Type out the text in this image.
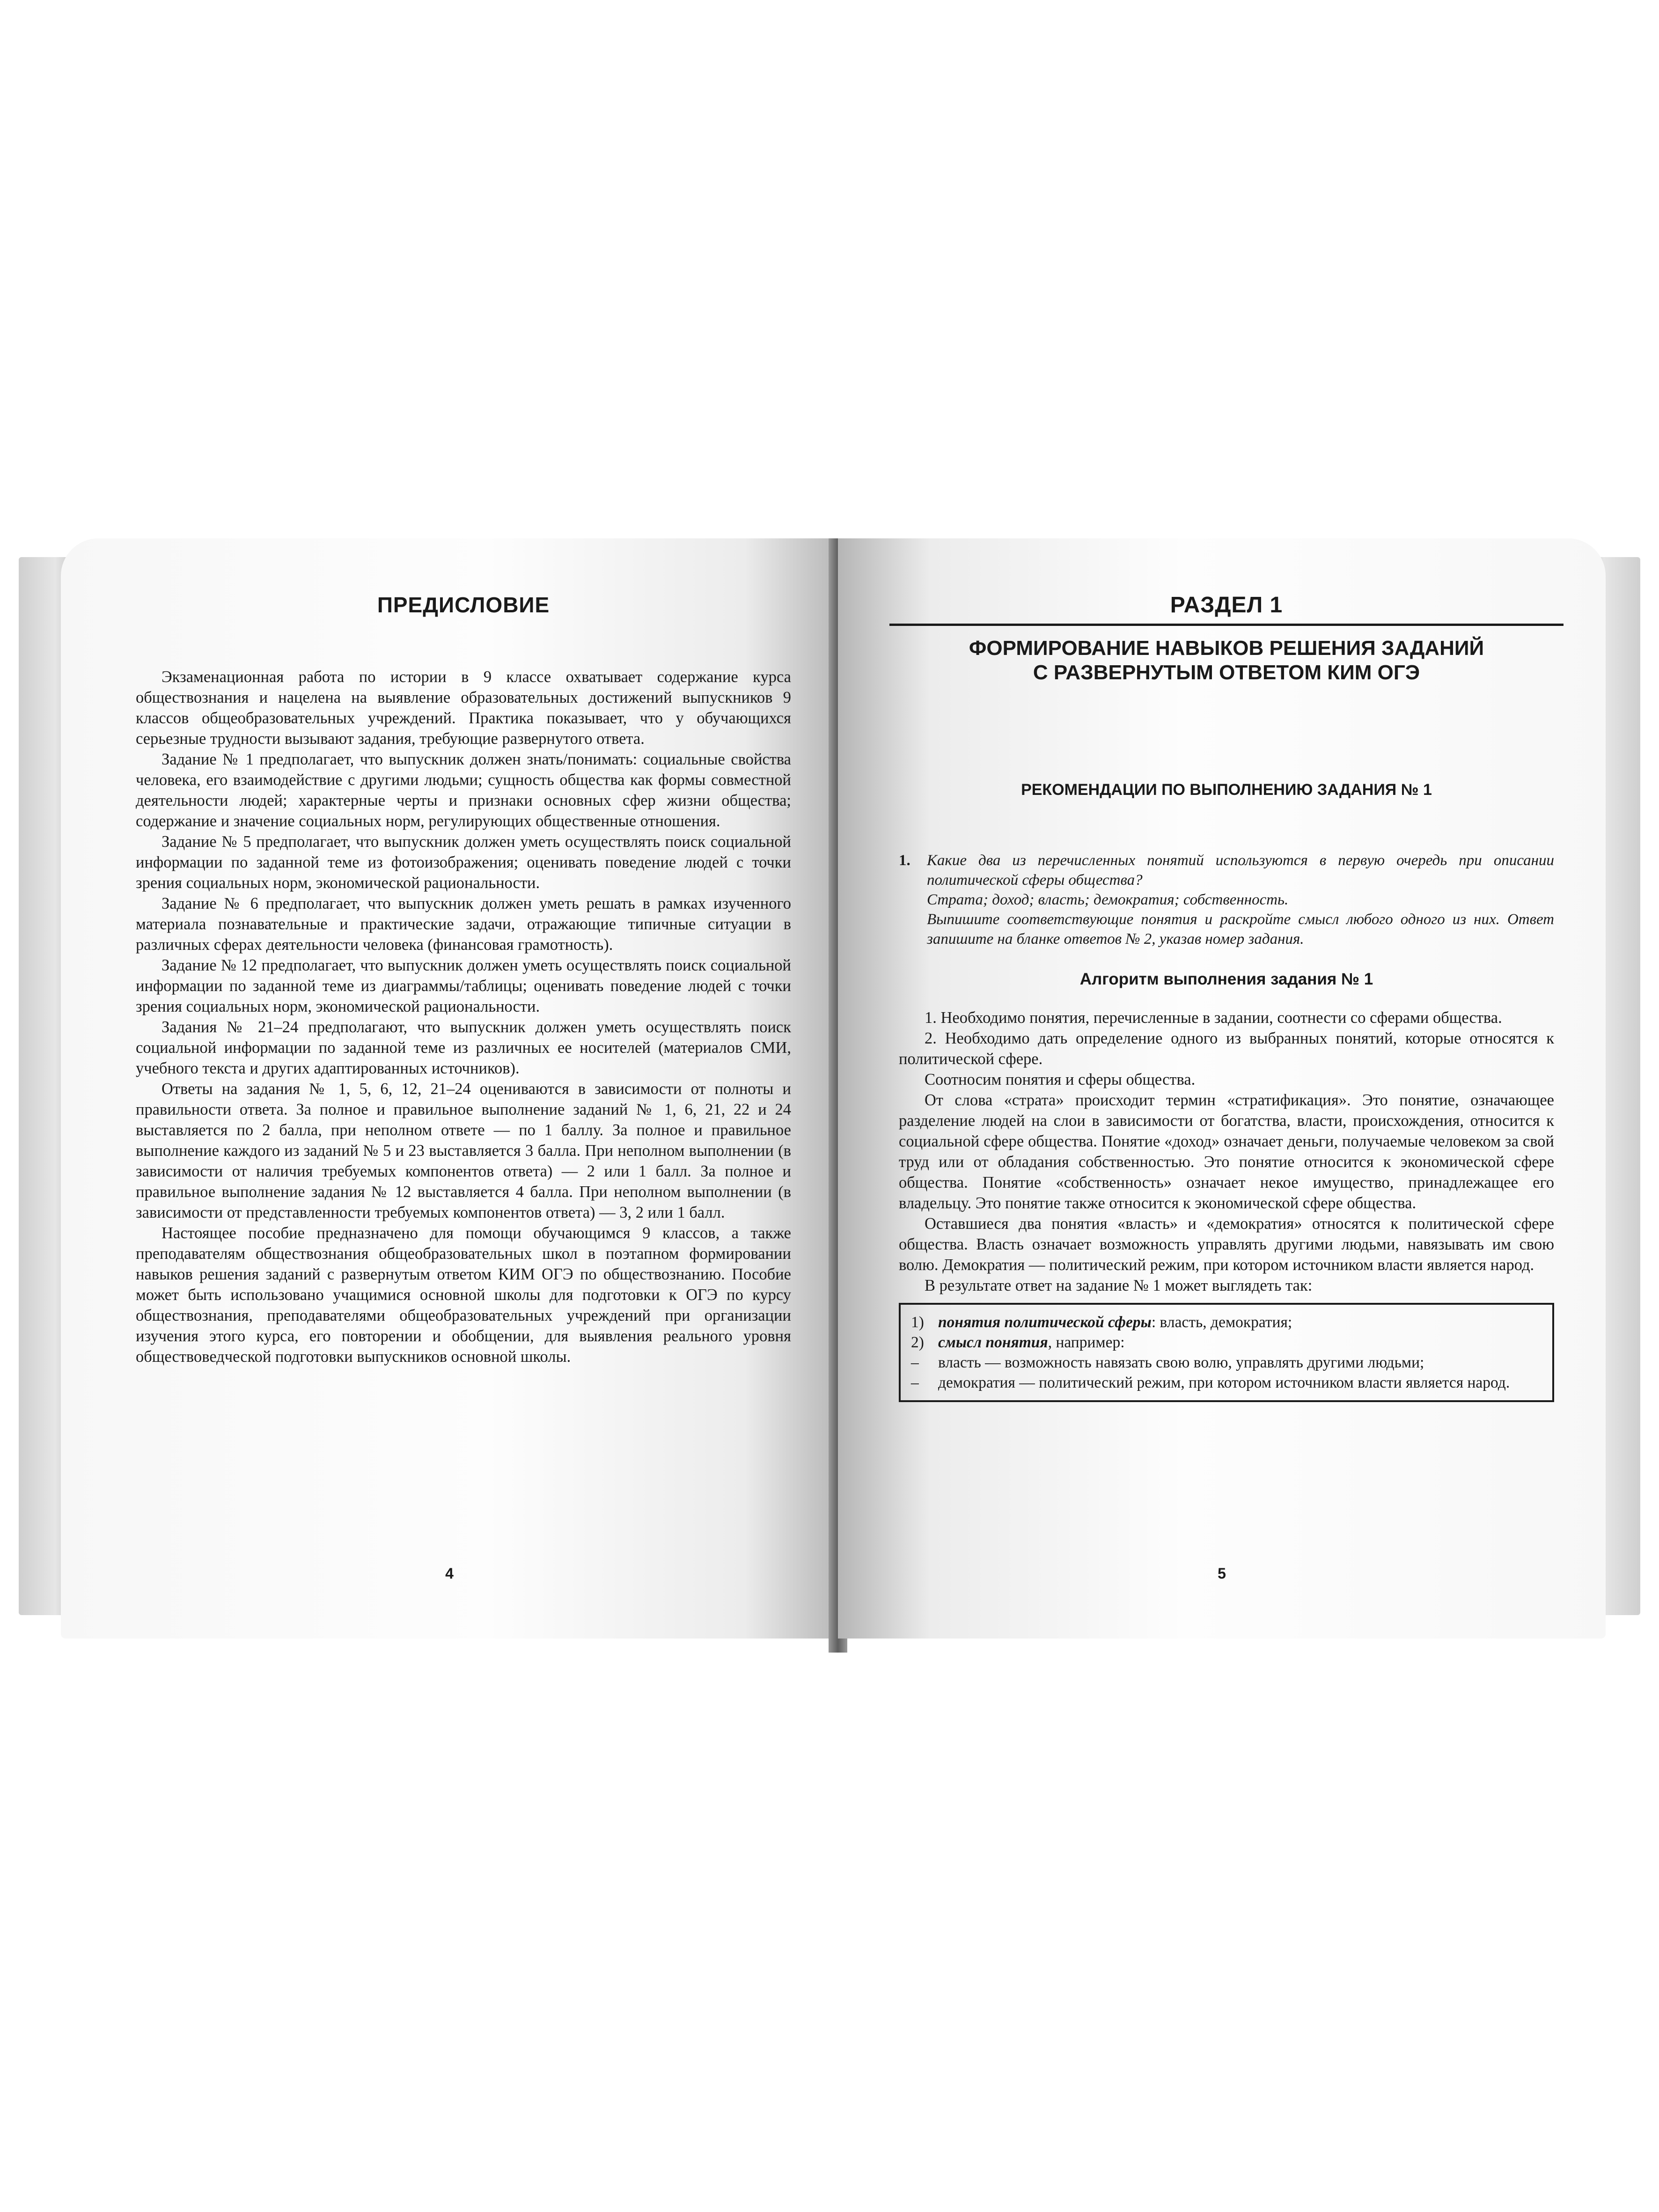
ПРЕДИСЛОВИЕ

Экзаменационная работа по истории в 9 классе охватывает содержание курса обществознания и нацелена на выявление образовательных достижений выпускников 9 классов общеобразовательных учреждений. Практика показывает, что у обучающихся серьезные трудности вызывают задания, требующие развернутого ответа.

Задание № 1 предполагает, что выпускник должен знать/понимать: социальные свойства человека, его взаимодействие с другими людьми; сущность общества как формы совместной деятельности людей; характерные черты и признаки основных сфер жизни общества; содержание и значение социальных норм, регулирующих общественные отношения.

Задание № 5 предполагает, что выпускник должен уметь осуществлять поиск социальной информации по заданной теме из фотоизображения; оценивать поведение людей с точки зрения социальных норм, экономической рациональности.

Задание № 6 предполагает, что выпускник должен уметь решать в рамках изученного материала познавательные и практические задачи, отражающие типичные ситуации в различных сферах деятельности человека (финансовая грамотность).

Задание № 12 предполагает, что выпускник должен уметь осуществлять поиск социальной информации по заданной теме из диаграммы/таблицы; оценивать поведение людей с точки зрения социальных норм, экономической рациональности.

Задания № 21–24 предполагают, что выпускник должен уметь осуществлять поиск социальной информации по заданной теме из различных ее носителей (материалов СМИ, учебного текста и других адаптированных источников).

Ответы на задания № 1, 5, 6, 12, 21–24 оцениваются в зависимости от полноты и правильности ответа. За полное и правильное выполнение заданий № 1, 6, 21, 22 и 24 выставляется по 2 балла, при неполном ответе — по 1 баллу. За полное и правильное выполнение каждого из заданий № 5 и 23 выставляется 3 балла. При неполном выполнении (в зависимости от наличия требуемых компонентов ответа) — 2 или 1 балл. За полное и правильное выполнение задания № 12 выставляется 4 балла. При неполном выполнении (в зависимости от представленности требуемых компонентов ответа) — 3, 2 или 1 балл.

Настоящее пособие предназначено для помощи обучающимся 9 классов, а также преподавателям обществознания общеобразовательных школ в поэтапном формировании навыков решения заданий с развернутым ответом КИМ ОГЭ по обществознанию. Пособие может быть использовано учащимися основной школы для подготовки к ОГЭ по курсу обществознания, преподавателями общеобразовательных учреждений при организации изучения этого курса, его повторении и обобщении, для выявления реального уровня обществоведческой подготовки выпускников основной школы.

4
РАЗДЕЛ 1
ФОРМИРОВАНИЕ НАВЫКОВ РЕШЕНИЯ ЗАДАНИЙ
С РАЗВЕРНУТЫМ ОТВЕТОМ КИМ ОГЭ
РЕКОМЕНДАЦИИ ПО ВЫПОЛНЕНИЮ ЗАДАНИЯ № 1
1. Какие два из перечисленных понятий используются в первую очередь при описании политической сферы общества?

Страта; доход; власть; демократия; собственность.

Выпишите соответствующие понятия и раскройте смысл любого одного из них. Ответ запишите на бланке ответов № 2, указав номер задания.

Алгоритм выполнения задания № 1

1. Необходимо понятия, перечисленные в задании, соотнести со сферами общества.

2. Необходимо дать определение одного из выбранных понятий, которые относятся к политической сфере.

Соотносим понятия и сферы общества.

От слова «страта» происходит термин «стратификация». Это понятие, означающее разделение людей на слои в зависимости от богатства, власти, происхождения, относится к социальной сфере общества. Понятие «доход» означает деньги, получаемые человеком за свой труд или от обладания собственностью. Это понятие относится к экономической сфере общества. Понятие «собственность» означает некое имущество, принадлежащее его владельцу. Это понятие также относится к экономической сфере общества.

Оставшиеся два понятия «власть» и «демократия» относятся к политической сфере общества. Власть означает возможность управлять другими людьми, навязывать им свою волю. Демократия — политический режим, при котором источником власти является народ.

В результате ответ на задание № 1 может выглядеть так:

1) понятия политической сферы: власть, демократия;
2) смысл понятия, например:
–	власть — возможность навязать свою волю, управлять другими людьми;
–	демократия — политический режим, при котором источником власти является народ.
5
